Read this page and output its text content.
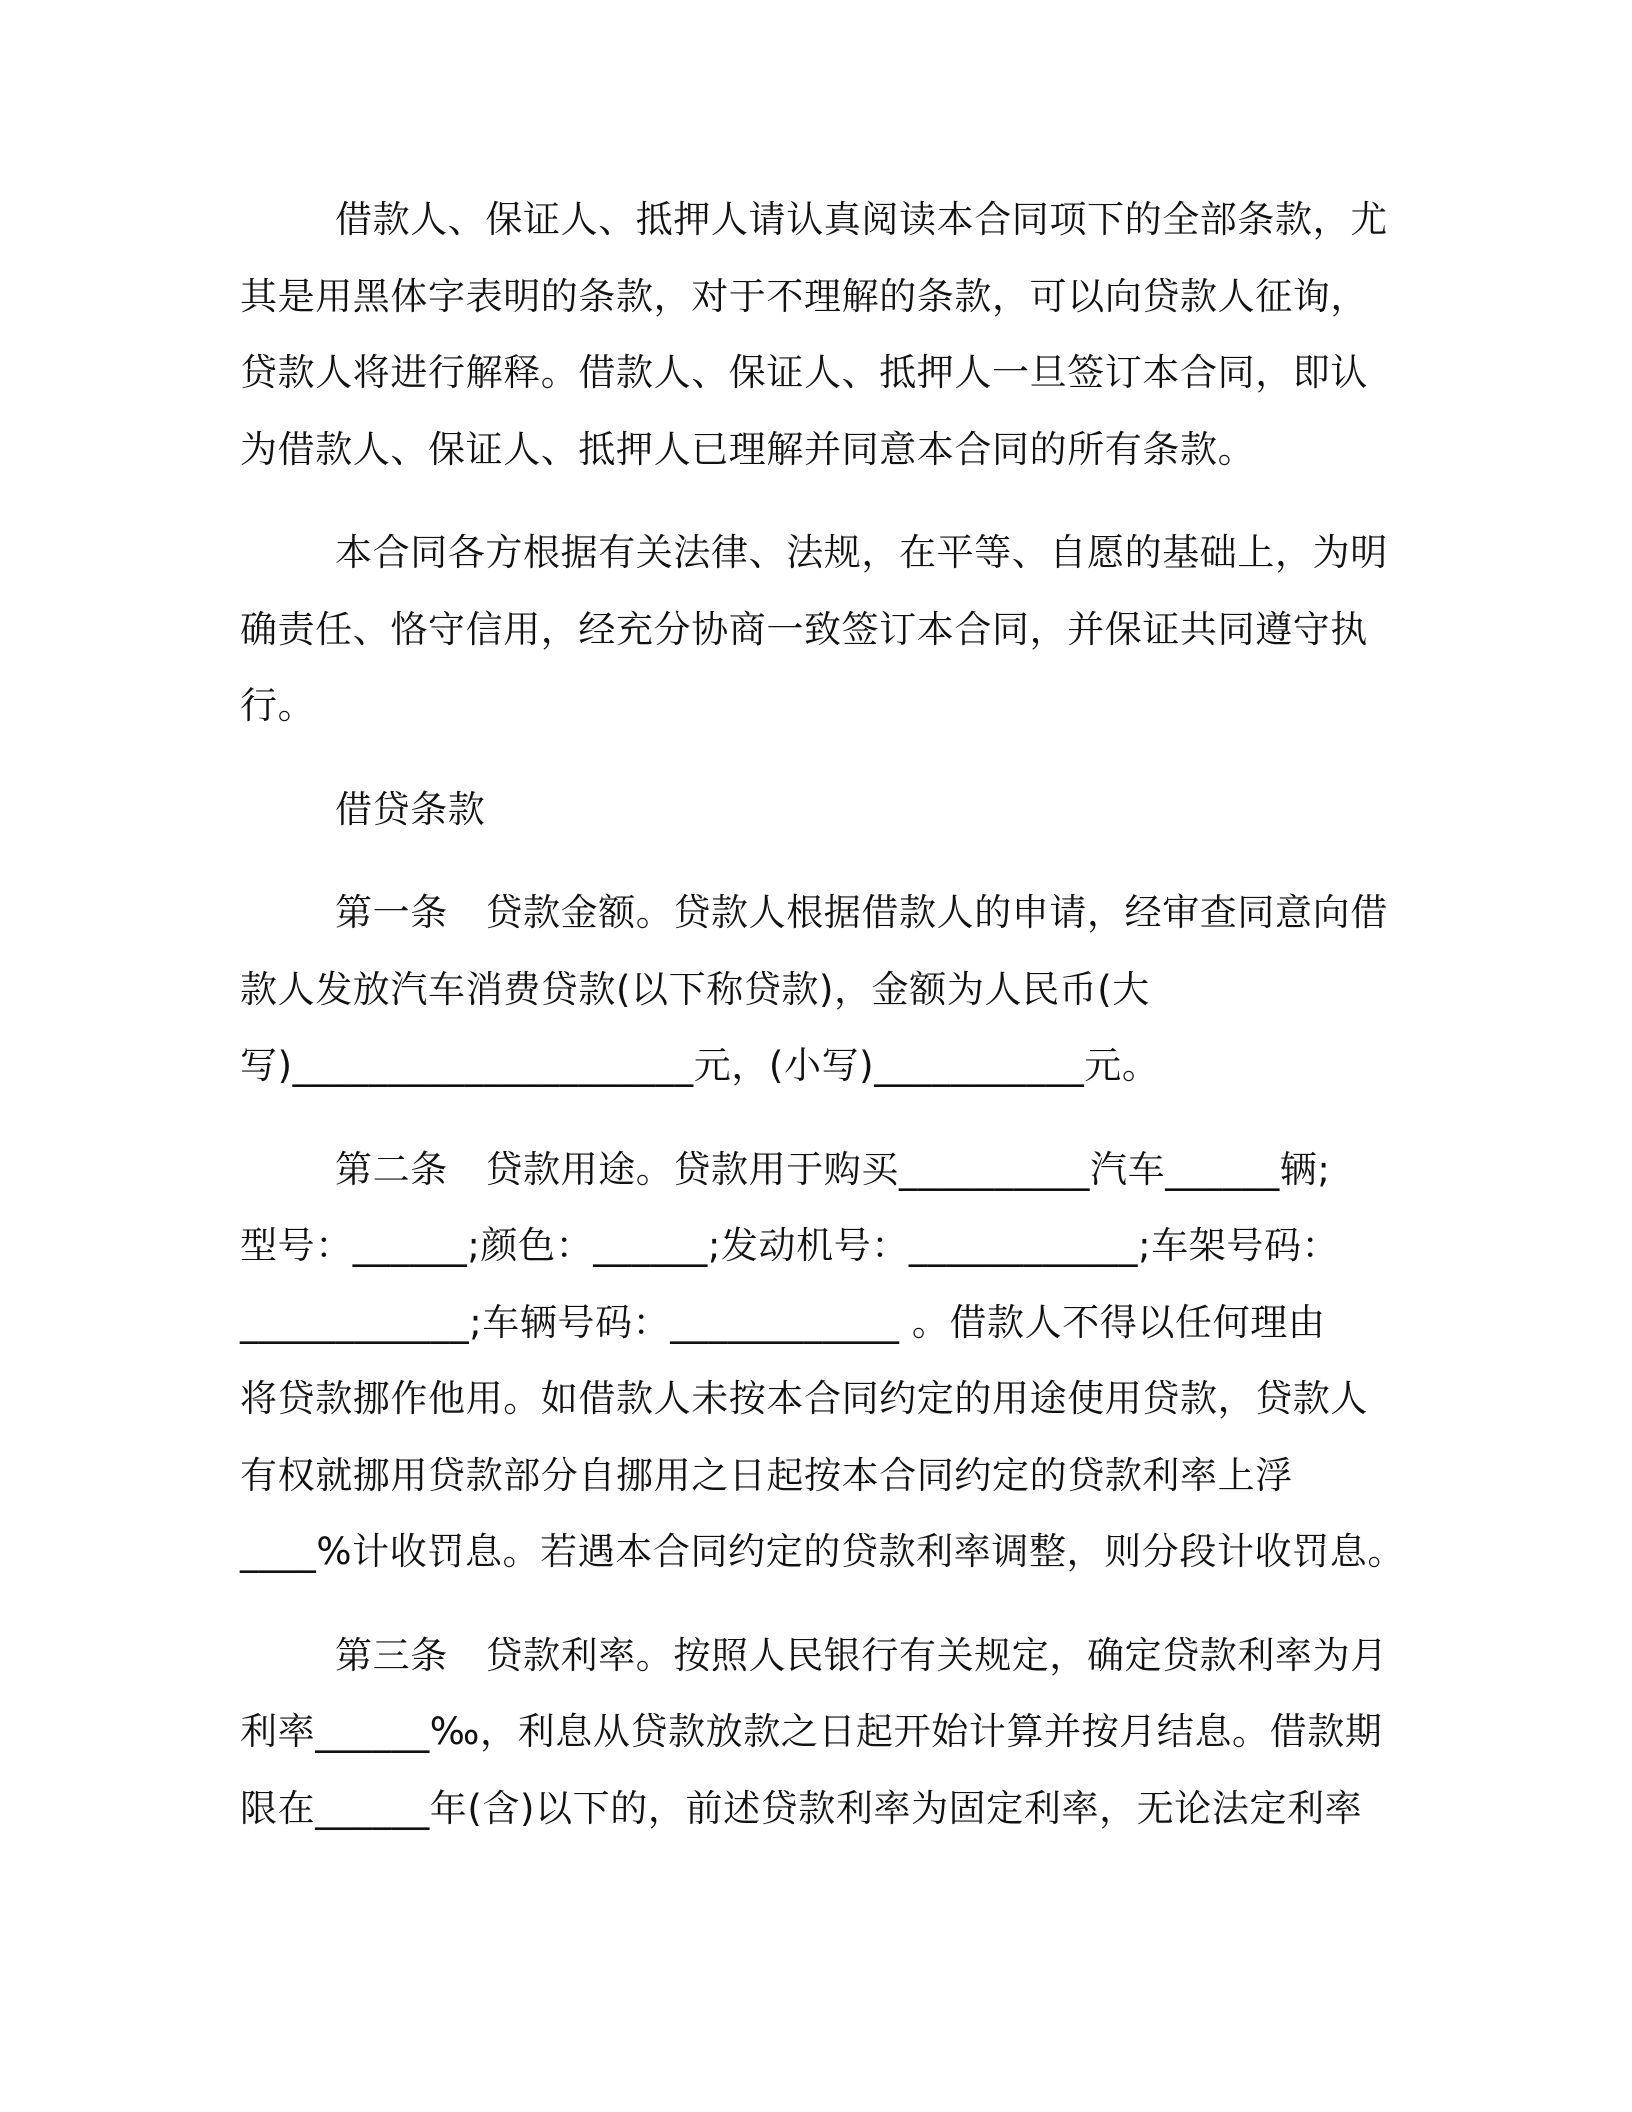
借款人、保证人、抵押人请认真阅读本合同项下的全部条款，尤
其是用黑体字表明的条款，对于不理解的条款，可以向贷款人征询，
贷款人将进行解释。借款人、保证人、抵押人一旦签订本合同，即认
为借款人、保证人、抵押人已理解并同意本合同的所有条款。
本合同各方根据有关法律、法规，在平等、自愿的基础上，为明
确责任、恪守信用，经充分协商一致签订本合同，并保证共同遵守执
行。
借贷条款
第一条　贷款金额。贷款人根据借款人的申请，经审查同意向借
款人发放汽车消费贷款(以下称贷款)，金额为人民币(大
写)_____________________元，(小写)___________元。
第二条　贷款用途。贷款用于购买__________汽车______辆;
型号：______;颜色：______;发动机号：____________;车架号码：
____________;车辆号码：____________ 。借款人不得以任何理由
将贷款挪作他用。如借款人未按本合同约定的用途使用贷款，贷款人
有权就挪用贷款部分自挪用之日起按本合同约定的贷款利率上浮
____%计收罚息。若遇本合同约定的贷款利率调整，则分段计收罚息。
第三条　贷款利率。按照人民银行有关规定，确定贷款利率为月
利率______‰，利息从贷款放款之日起开始计算并按月结息。借款期
限在______年(含)以下的，前述贷款利率为固定利率，无论法定利率
